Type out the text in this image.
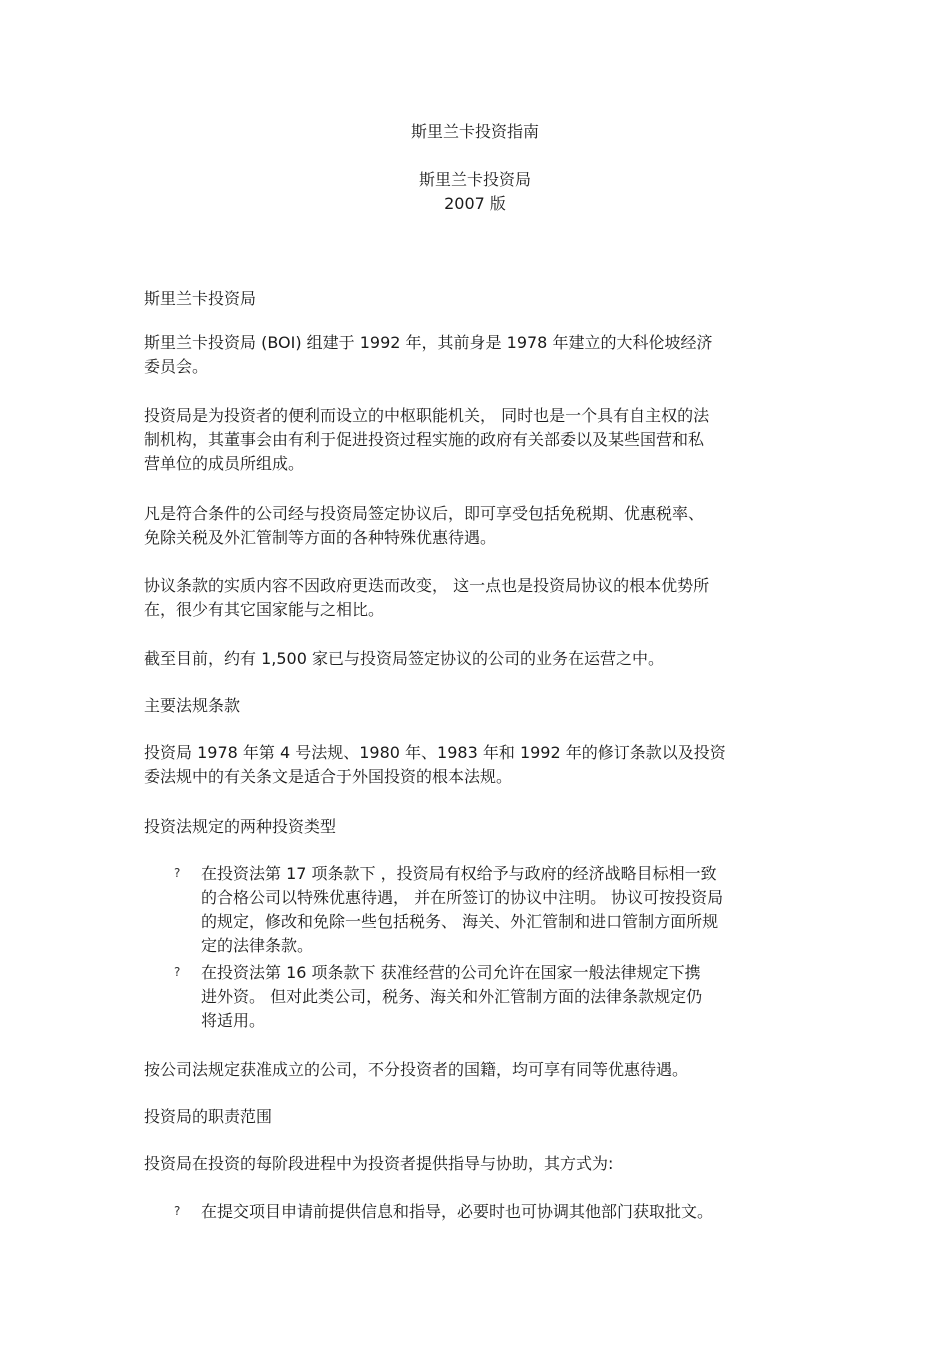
斯里兰卡投资指南
斯里兰卡投资局
2007 版
斯里兰卡投资局

斯里兰卡投资局 (BOI) 组建于 1992 年，其前身是 1978 年建立的大科伦坡经济

委员会。

投资局是为投资者的便利而设立的中枢职能机关， 同时也是一个具有自主权的法

制机构，其董事会由有利于促进投资过程实施的政府有关部委以及某些国营和私

营单位的成员所组成。

凡是符合条件的公司经与投资局签定协议后，即可享受包括免税期、优惠税率、

免除关税及外汇管制等方面的各种特殊优惠待遇。

协议条款的实质内容不因政府更迭而改变， 这一点也是投资局协议的根本优势所

在，很少有其它国家能与之相比。

截至目前，约有 1,500 家已与投资局签定协议的公司的业务在运营之中。
主要法规条款

投资局 1978 年第 4 号法规、1980 年、1983 年和 1992 年的修订条款以及投资

委法规中的有关条文是适合于外国投资的根本法规。

投资法规定的两种投资类型
? 在投资法第 17 项条款下 ，投资局有权给予与政府的经济战略目标相一致

的合格公司以特殊优惠待遇， 并在所签订的协议中注明。 协议可按投资局

的规定，修改和免除一些包括税务、 海关、外汇管制和进口管制方面所规

定的法律条款。

? 在投资法第 16 项条款下 获准经营的公司允许在国家一般法律规定下携

进外资。 但对此类公司，税务、海关和外汇管制方面的法律条款规定仍

将适用。

按公司法规定获准成立的公司，不分投资者的国籍，均可享有同等优惠待遇。
投资局的职责范围
投资局在投资的每阶段进程中为投资者提供指导与协助，其方式为:
? 在提交项目申请前提供信息和指导，必要时也可协调其他部门获取批文。
